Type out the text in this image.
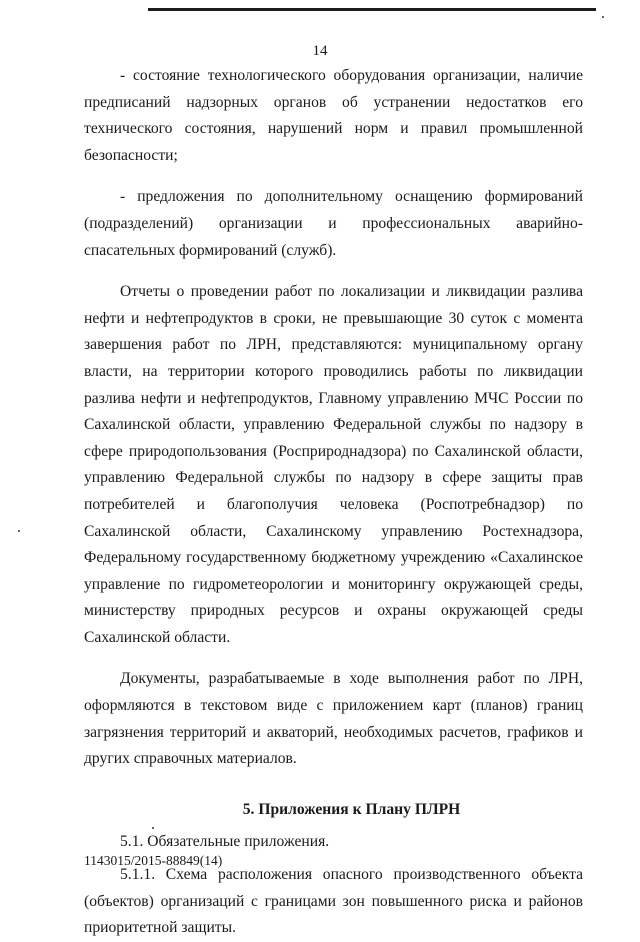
14

- состояние технологического оборудования организации, наличие предписаний надзорных органов об устранении недостатков его технического состояния, нарушений норм и правил промышленной безопасности;

- предложения по дополнительному оснащению формирований (подразделений) организации и профессиональных аварийно-спасательных формирований (служб).

Отчеты о проведении работ по локализации и ликвидации разлива нефти и нефтепродуктов в сроки, не превышающие 30 суток с момента завершения работ по ЛРН, представляются: муниципальному органу власти, на территории которого проводились работы по ликвидации разлива нефти и нефтепродуктов, Главному управлению МЧС России по Сахалинской области, управлению Федеральной службы по надзору в сфере природопользования (Росприроднадзора) по Сахалинской области, управлению Федеральной службы по надзору в сфере защиты прав потребителей и благополучия человека (Роспотребнадзор) по Сахалинской области, Сахалинскому управлению Ростехнадзора, Федеральному государственному бюджетному учреждению «Сахалинское управление по гидрометеорологии и мониторингу окружающей среды, министерству природных ресурсов и охраны окружающей среды Сахалинской области.

Документы, разрабатываемые в ходе выполнения работ по ЛРН, оформляются в текстовом виде с приложением карт (планов) границ загрязнения территорий и акваторий, необходимых расчетов, графиков и других справочных материалов.

5. Приложения к Плану ПЛРН

5.1. Обязательные приложения.

5.1.1. Схема расположения опасного производственного объекта (объектов) организаций с границами зон повышенного риска и районов приоритетной защиты.

1143015/2015-88849(14)
